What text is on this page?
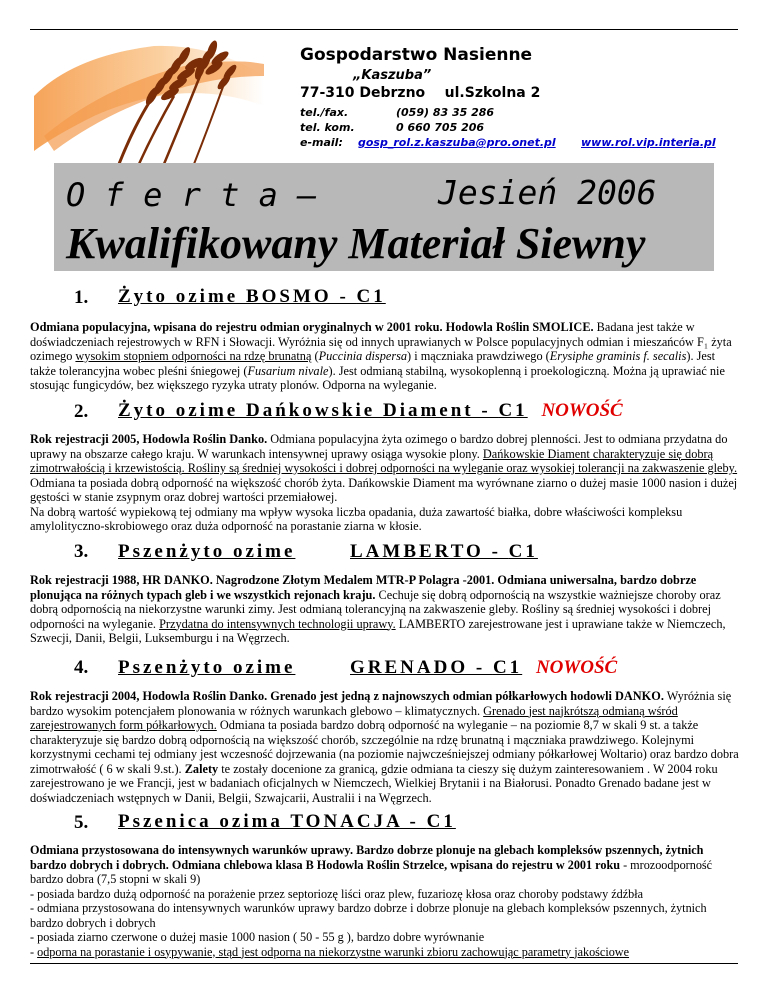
Gospodarstwo Nasienne
„Kaszuba”
77-310 Debrzno    ul.Szkolna 2
tel./fax.	(059) 83 35 286
tel. kom.	0 660 705 206
e-mail: gosp_rol.z.kaszuba@pro.onet.pl www.rol.vip.interia.pl
O f e r t a –	Jesień 2006
Kwalifikowany Materiał Siewny
1. Żyto ozime BOSMO - C1

Odmiana populacyjna, wpisana do rejestru odmian oryginalnych w 2001 roku. Hodowla Roślin SMOLICE. Badana jest także w doświadczeniach rejestrowych w RFN i Słowacji. Wyróżnia się od innych uprawianych w Polsce populacyjnych odmian i mieszańców F₁ żyta ozimego wysokim stopniem odporności na rdzę brunatną (Puccinia dispersa) i mączniaka prawdziwego (Erysiphe graminis f. secalis). Jest także tolerancyjna wobec pleśni śniegowej (Fusarium nivale). Jest odmianą stabilną, wysokoplenną i proekologiczną. Można ją uprawiać nie stosując fungicydów, bez większego ryzyka utraty plonów. Odporna na wyleganie.

2. Żyto ozime Dańkowskie Diament - C1 NOWOŚĆ

Rok rejestracji 2005, Hodowla Roślin Danko. Odmiana populacyjna żyta ozimego o bardzo dobrej plenności. Jest to odmiana przydatna do uprawy na obszarze całego kraju. W warunkach intensywnej uprawy osiąga wysokie plony. Dańkowskie Diament charakteryzuje się dobrą zimotrwałością i krzewistością. Rośliny są średniej wysokości i dobrej odporności na wyleganie oraz wysokiej tolerancji na zakwaszenie gleby. Odmiana ta posiada dobrą odporność na większość chorób żyta. Dańkowskie Diament ma wyrównane ziarno o dużej masie 1000 nasion i dużej gęstości w stanie zsypnym oraz dobrej wartości przemiałowej.
Na dobrą wartość wypiekową tej odmiany ma wpływ wysoka liczba opadania, duża zawartość białka, dobre właściwości kompleksu amylolityczno-skrobiowego oraz duża odporność na porastanie ziarna w kłosie.

3. Pszenżyto ozime	LAMBERTO - C1

Rok rejestracji 1988, HR DANKO. Nagrodzone Złotym Medalem MTR-P Polagra -2001. Odmiana uniwersalna, bardzo dobrze plonująca na różnych typach gleb i we wszystkich rejonach kraju. Cechuje się dobrą odpornością na wszystkie ważniejsze choroby oraz dobrą odpornością na niekorzystne warunki zimy. Jest odmianą tolerancyjną na zakwaszenie gleby. Rośliny są średniej wysokości i dobrej odporności na wyleganie. Przydatna do intensywnych technologii uprawy. LAMBERTO zarejestrowane jest i uprawiane także w Niemczech, Szwecji, Danii, Belgii, Luksemburgu i na Węgrzech.

4. Pszenżyto ozime	GRENADO - C1 NOWOŚĆ

Rok rejestracji 2004, Hodowla Roślin Danko. Grenado jest jedną z najnowszych odmian półkarłowych hodowli DANKO. Wyróżnia się bardzo wysokim potencjałem plonowania w różnych warunkach glebowo – klimatycznych. Grenado jest najkrótszą odmianą wśród zarejestrowanych form półkarłowych. Odmiana ta posiada bardzo dobrą odporność na wyleganie – na poziomie 8,7 w skali 9 st. a także charakteryzuje się bardzo dobrą odpornością na większość chorób, szczególnie na rdzę brunatną i mączniaka prawdziwego. Kolejnymi korzystnymi cechami tej odmiany jest wczesność dojrzewania (na poziomie najwcześniejszej odmiany półkarłowej Woltario) oraz bardzo dobra zimotrwałość ( 6 w skali 9.st.). Zalety te zostały docenione za granicą, gdzie odmiana ta cieszy się dużym zainteresowaniem . W 2004 roku zarejestrowano je we Francji, jest w badaniach oficjalnych w Niemczech, Wielkiej Brytanii i na Białorusi. Ponadto Grenado badane jest w doświadczeniach wstępnych w Danii, Belgii, Szwajcarii, Australii i na Węgrzech.

5. Pszenica ozima TONACJA - C1

Odmiana przystosowana do intensywnych warunków uprawy. Bardzo dobrze plonuje na glebach kompleksów pszennych, żytnich bardzo dobrych i dobrych. Odmiana chlebowa klasa B Hodowla Roślin Strzelce, wpisana do rejestru w 2001 roku - mrozoodporność bardzo dobra (7,5 stopni w skali 9)
- posiada bardzo dużą odporność na porażenie przez septoriozę liści oraz plew, fuzariozę kłosa oraz choroby podstawy źdźbła
- odmiana przystosowana do intensywnych warunków uprawy bardzo dobrze i dobrze plonuje na glebach kompleksów pszennych, żytnich bardzo dobrych i dobrych
- posiada ziarno czerwone o dużej masie 1000 nasion ( 50 - 55 g ), bardzo dobre wyrównanie
- odporna na porastanie i osypywanie, stąd jest odporna na niekorzystne warunki zbioru zachowując parametry jakościowe
